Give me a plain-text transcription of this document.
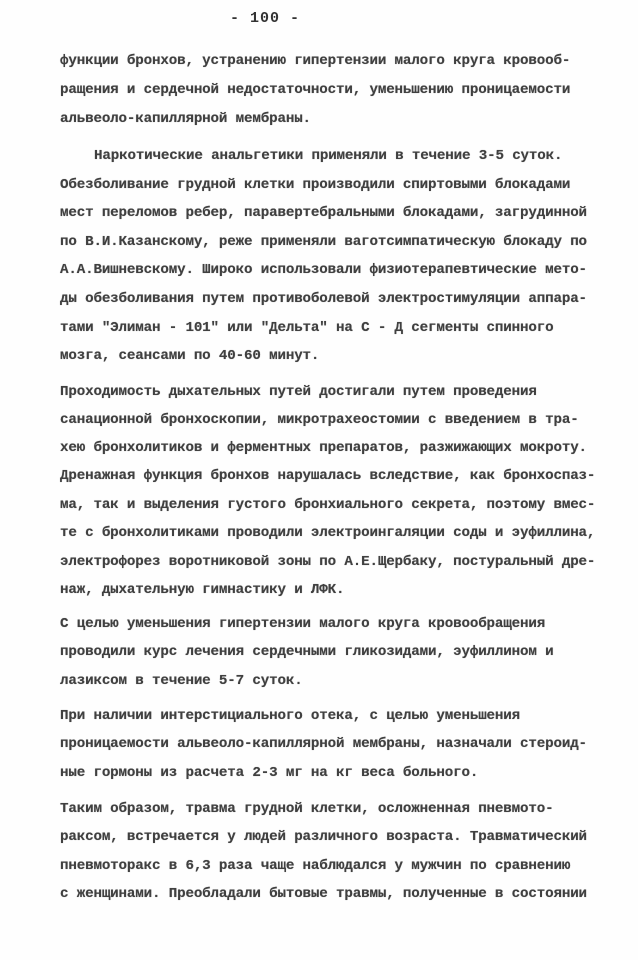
- 100 -
функции бронхов, устранению гипертензии малого круга кровооб-
ращения и сердечной недостаточности, уменьшению проницаемости
альвеоло-капиллярной мембраны.
Наркотические анальгетики применяли в течение 3-5 суток.
Обезболивание грудной клетки производили спиртовыми блокадами
мест переломов ребер, паравертебральными блокадами, загрудинной
по В.И.Казанскому, реже применяли ваготсимпатическую блокаду по
А.А.Вишневскому. Широко использовали физиотерапевтические мето-
ды обезболивания путем противоболевой электростимуляции аппара-
тами "Элиман - 101" или "Дельта" на С - Д сегменты спинного
мозга, сеансами по 40-60 минут.
Проходимость дыхательных путей достигали путем проведения
санационной бронхоскопии, микротрахеостомии с введением в тра-
хею бронхолитиков и ферментных препаратов, разжижающих мокроту.
Дренажная функция бронхов нарушалась вследствие, как бронхоспаз-
ма, так и выделения густого бронхиального секрета, поэтому вмес-
те с бронхолитиками проводили электроингаляции соды и эуфиллина,
электрофорез воротниковой зоны по А.Е.Щербаку, постуральный дре-
наж, дыхательную гимнастику и ЛФК.
С целью уменьшения гипертензии малого круга кровообращения
проводили курс лечения сердечными гликозидами, эуфиллином и
лазиксом в течение 5-7 суток.
При наличии интерстициального отека, с целью уменьшения
проницаемости альвеоло-капиллярной мембраны, назначали стероид-
ные гормоны из расчета 2-3 мг на кг веса больного.
Таким образом, травма грудной клетки, осложненная пневмото-
раксом, встречается у людей различного возраста. Травматический
пневмоторакс в 6,3 раза чаще наблюдался у мужчин по сравнению
с женщинами. Преобладали бытовые травмы, полученные в состоянии
